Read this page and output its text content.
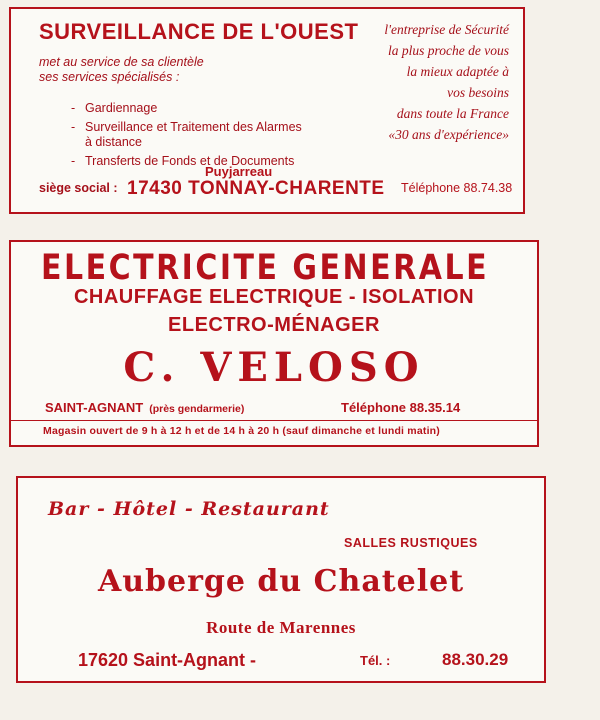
SURVEILLANCE DE L'OUEST
met au service de sa clientèle
ses services spécialisés :
- Gardiennage
- Surveillance et Traitement des Alarmes
à distance
- Transferts de Fonds et de Documents
l'entreprise de Sécurité
la plus proche de vous
la mieux adaptée à
vos besoins
dans toute la France
«30 ans d'expérience»
siège social :
Puyjarreau
17430 TONNAY-CHARENTE Téléphone 88.74.38
ELECTRICITE GENERALE
CHAUFFAGE ELECTRIQUE - ISOLATION
ELECTRO-MÉNAGER
C. VELOSO
SAINT-AGNANT (près gendarmerie)	Téléphone 88.35.14
Magasin ouvert de 9 h à 12 h et de 14 h à 20 h (sauf dimanche et lundi matin)
Bar - Hôtel - Restaurant
SALLES RUSTIQUES
Auberge du Chatelet
Route de Marennes
17620 Saint-Agnant -	Tél. :	88.30.29
